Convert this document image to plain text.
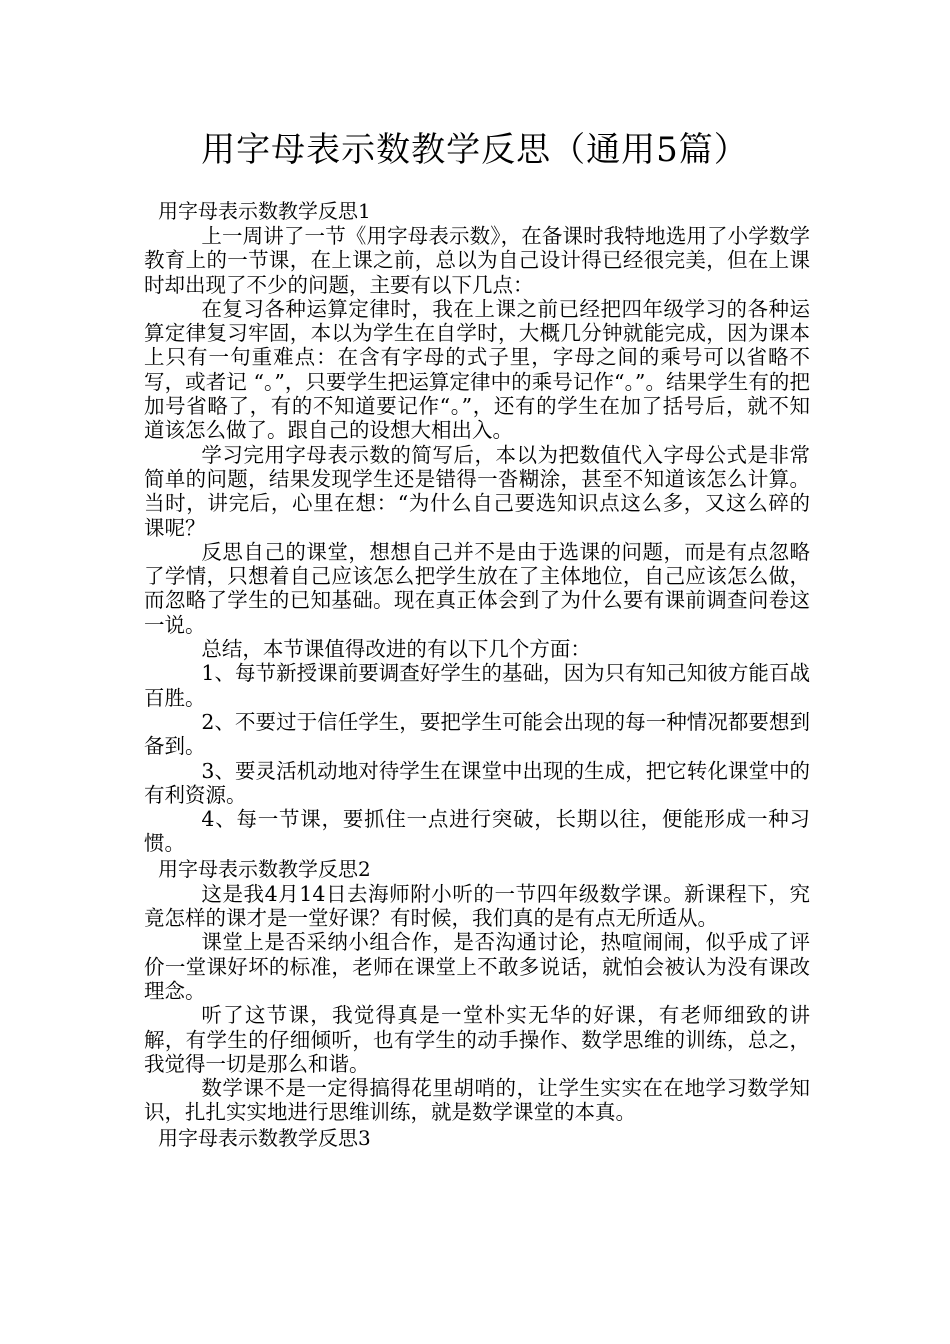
用字母表示数教学反思（通用5篇）
用字母表示数教学反思1

上一周讲了一节《用字母表示数》，在备课时我特地选用了小学数学教育上的一节课，在上课之前，总以为自己设计得已经很完美，但在上课时却出现了不少的问题，主要有以下几点：

在复习各种运算定律时，我在上课之前已经把四年级学习的各种运算定律复习牢固，本以为学生在自学时，大概几分钟就能完成，因为课本上只有一句重难点：在含有字母的式子里，字母之间的乘号可以省略不写，或者记 “。”，只要学生把运算定律中的乘号记作“。”。结果学生有的把加号省略了，有的不知道要记作“。”，还有的学生在加了括号后，就不知道该怎么做了。跟自己的设想大相出入。

学习完用字母表示数的简写后，本以为把数值代入字母公式是非常简单的问题，结果发现学生还是错得一沓糊涂，甚至不知道该怎么计算。当时，讲完后，心里在想：“为什么自己要选知识点这么多，又这么碎的课呢？

反思自己的课堂，想想自己并不是由于选课的问题，而是有点忽略了学情，只想着自己应该怎么把学生放在了主体地位，自己应该怎么做，而忽略了学生的已知基础。现在真正体会到了为什么要有课前调查问卷这一说。

总结，本节课值得改进的有以下几个方面：

1、每节新授课前要调查好学生的基础，因为只有知己知彼方能百战百胜。

2、不要过于信任学生，要把学生可能会出现的每一种情况都要想到备到。

3、要灵活机动地对待学生在课堂中出现的生成，把它转化课堂中的有利资源。

4、每一节课，要抓住一点进行突破，长期以往，便能形成一种习惯。

用字母表示数教学反思2

这是我4月14日去海师附小听的一节四年级数学课。新课程下，究竟怎样的课才是一堂好课？有时候，我们真的是有点无所适从。

课堂上是否采纳小组合作，是否沟通讨论，热喧闹闹，似乎成了评价一堂课好坏的标准，老师在课堂上不敢多说话，就怕会被认为没有课改理念。

听了这节课，我觉得真是一堂朴实无华的好课，有老师细致的讲解，有学生的仔细倾听，也有学生的动手操作、数学思维的训练，总之，我觉得一切是那么和谐。

数学课不是一定得搞得花里胡哨的，让学生实实在在地学习数学知识，扎扎实实地进行思维训练，就是数学课堂的本真。

用字母表示数教学反思3
